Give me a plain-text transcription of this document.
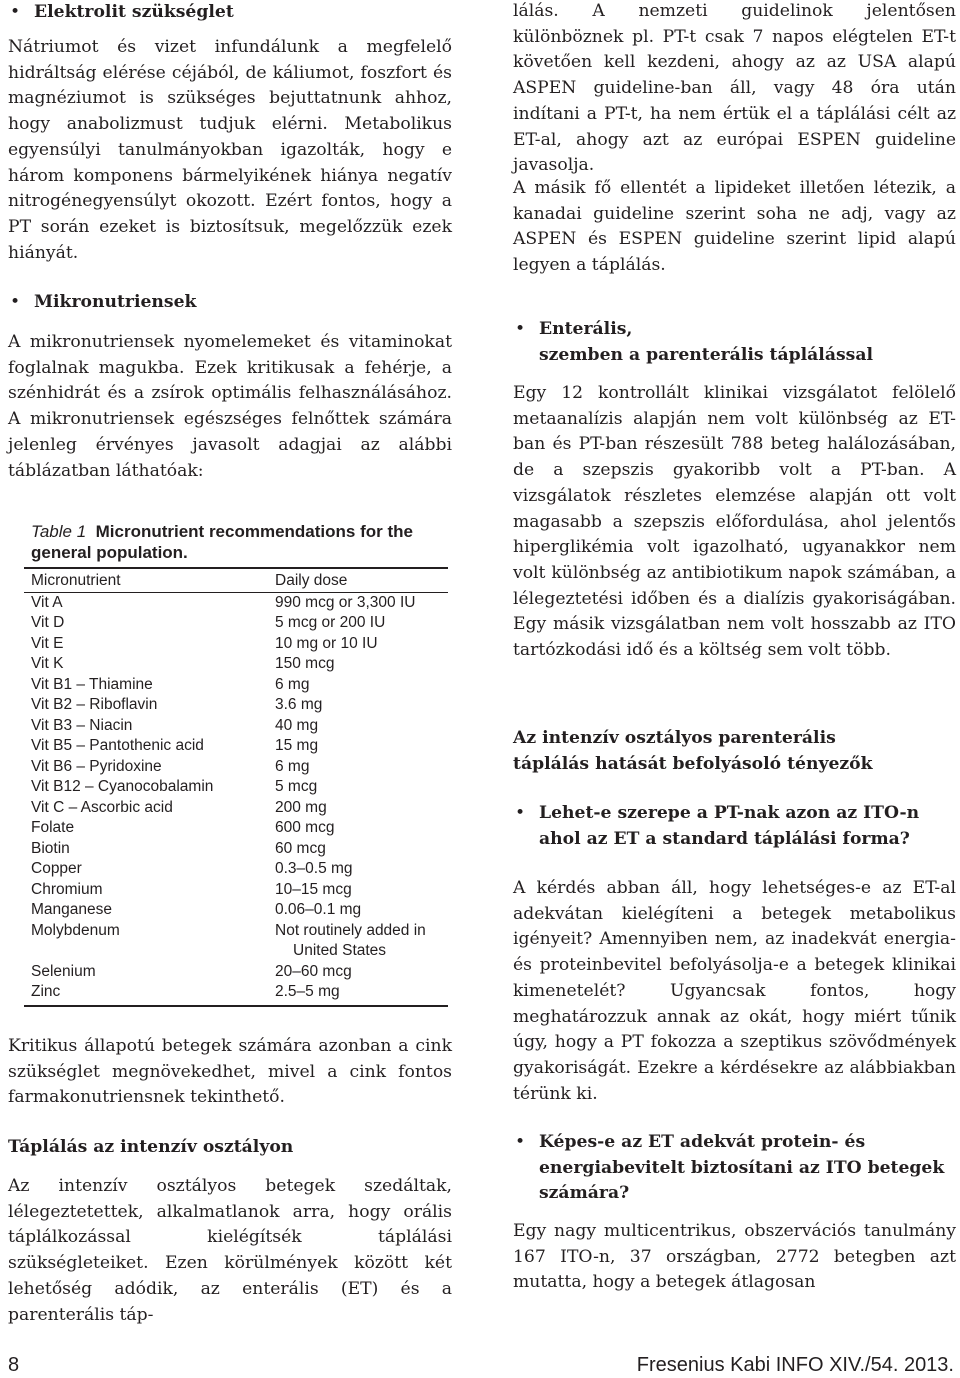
• Elektrolit szükséglet

Nátriumot és vizet infundálunk a megfelelő hidráltság elérése céjából, de káliumot, foszfort és magnéziumot is szükséges bejuttatnunk ahhoz, hogy anabolizmust tudjuk elérni. Metabolikus egyensúlyi tanulmányokban igazolták, hogy e három komponens bármelyikének hiánya negatív nitrogénegyensúlyt okozott. Ezért fontos, hogy a PT során ezeket is biztosítsuk, megelőzzük ezek hiányát.

• Mikronutriensek

A mikronutriensek nyomelemeket és vitaminokat foglalnak magukba. Ezek kritikusak a fehérje, a szénhidrát és a zsírok optimális felhasználásához. A mikronutriensek egészséges felnőttek számára jelenleg érvényes javasolt adagjai az alábbi táblázatban láthatóak:

Kritikus állapotú betegek számára azonban a cink szükséglet megnövekedhet, mivel a cink fontos farmakonutriensnek tekinthető.

Táplálás az intenzív osztályon

Az intenzív osztályos betegek szedáltak, lélegeztetettek, alkalmatlanok arra, hogy orális táplálkozással kielégítsék táplálási szükségleteiket. Ezen körülmények között két lehetőség adódik, az enterális (ET) és a parenterális táp-

Table 1 Micronutrient recommendations for the general population.
Micronutrient	Daily dose
Vit A	990 mcg or 3,300 IU
Vit D	5 mcg or 200 IU
Vit E	10 mg or 10 IU
Vit K	150 mcg
Vit B1 – Thiamine	6 mg
Vit B2 – Riboflavin	3.6 mg
Vit B3 – Niacin	40 mg
Vit B5 – Pantothenic acid	15 mg
Vit B6 – Pyridoxine	6 mg
Vit B12 – Cyanocobalamin	5 mcg
Vit C – Ascorbic acid	200 mg
Folate	600 mcg
Biotin	60 mcg
Copper	0.3–0.5 mg
Chromium	10–15 mcg
Manganese	0.06–0.1 mg
Molybdenum	Not routinely added in
United States
Selenium	20–60 mcg
Zinc	2.5–5 mg

lálás. A nemzeti guidelinok jelentősen különböznek pl. PT-t csak 7 napos elégtelen ET-t követően kell kezdeni, ahogy az az USA alapú ASPEN guideline-ban áll, vagy 48 óra után indítani a PT-t, ha nem értük el a táplálási célt az ET-al, ahogy azt az európai ESPEN guideline javasolja.

A másik fő ellentét a lipideket illetően létezik, a kanadai guideline szerint soha ne adj, vagy az ASPEN és ESPEN guideline szerint lipid alapú legyen a táplálás.

• Enterális,
szemben a parenterális táplálással

Egy 12 kontrollált klinikai vizsgálatot felölelő metaanalízis alapján nem volt különbség az ET-ban és PT-ban részesült 788 beteg halálozásában, de a szepszis gyakoribb volt a PT-ban. A vizsgálatok részletes elemzése alapján ott volt magasabb a szepszis előfordulása, ahol jelentős hiperglikémia volt igazolható, ugyanakkor nem volt különbség az antibiotikum napok számában, a lélegeztetési időben és a dialízis gyakoriságában. Egy másik vizsgálatban nem volt hosszabb az ITO tartózkodási idő és a költség sem volt több.

Az intenzív osztályos parenterális
táplálás hatását befolyásoló tényezők
• Lehet-e szerepe a PT-nak azon az ITO-n ahol az ET a standard táplálási forma?

A kérdés abban áll, hogy lehetséges-e az ET-al adekvátan kielégíteni a betegek metabolikus igényeit? Amennyiben nem, az inadekvát energia- és proteinbevitel befolyásolja-e a betegek klinikai kimenetelét? Ugyancsak fontos, hogy meghatározzuk annak az okát, hogy miért tűnik úgy, hogy a PT fokozza a szeptikus szövődmények gyakoriságát. Ezekre a kérdésekre az alábbiakban térünk ki.

• Képes-e az ET adekvát protein- és energiabevitelt biztosítani az ITO betegek számára?

Egy nagy multicentrikus, obszervációs tanulmány 167 ITO-n, 37 országban, 2772 betegben azt mutatta, hogy a betegek átlagosan

8	Fresenius Kabi INFO XIV./54. 2013.
